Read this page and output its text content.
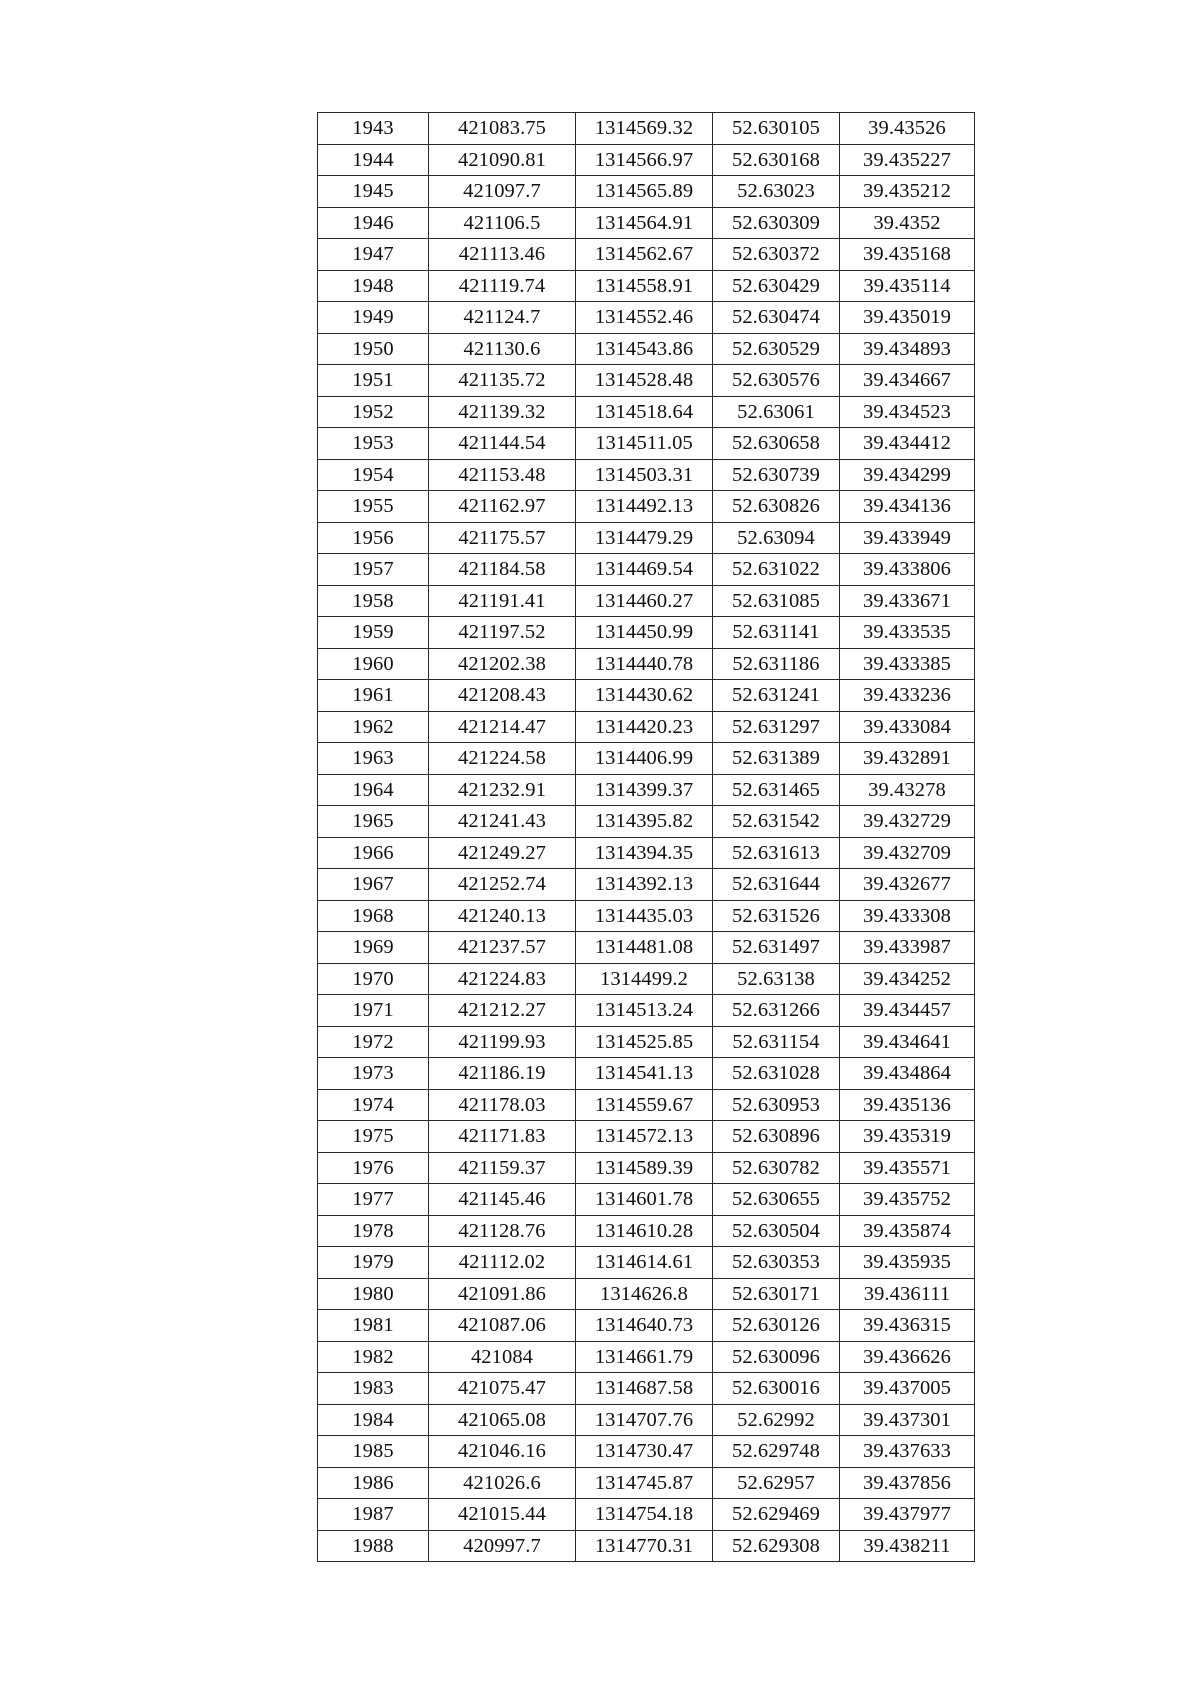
1943	421083.75	1314569.32	52.630105	39.43526
1944	421090.81	1314566.97	52.630168	39.435227
1945	421097.7	1314565.89	52.63023	39.435212
1946	421106.5	1314564.91	52.630309	39.4352
1947	421113.46	1314562.67	52.630372	39.435168
1948	421119.74	1314558.91	52.630429	39.435114
1949	421124.7	1314552.46	52.630474	39.435019
1950	421130.6	1314543.86	52.630529	39.434893
1951	421135.72	1314528.48	52.630576	39.434667
1952	421139.32	1314518.64	52.63061	39.434523
1953	421144.54	1314511.05	52.630658	39.434412
1954	421153.48	1314503.31	52.630739	39.434299
1955	421162.97	1314492.13	52.630826	39.434136
1956	421175.57	1314479.29	52.63094	39.433949
1957	421184.58	1314469.54	52.631022	39.433806
1958	421191.41	1314460.27	52.631085	39.433671
1959	421197.52	1314450.99	52.631141	39.433535
1960	421202.38	1314440.78	52.631186	39.433385
1961	421208.43	1314430.62	52.631241	39.433236
1962	421214.47	1314420.23	52.631297	39.433084
1963	421224.58	1314406.99	52.631389	39.432891
1964	421232.91	1314399.37	52.631465	39.43278
1965	421241.43	1314395.82	52.631542	39.432729
1966	421249.27	1314394.35	52.631613	39.432709
1967	421252.74	1314392.13	52.631644	39.432677
1968	421240.13	1314435.03	52.631526	39.433308
1969	421237.57	1314481.08	52.631497	39.433987
1970	421224.83	1314499.2	52.63138	39.434252
1971	421212.27	1314513.24	52.631266	39.434457
1972	421199.93	1314525.85	52.631154	39.434641
1973	421186.19	1314541.13	52.631028	39.434864
1974	421178.03	1314559.67	52.630953	39.435136
1975	421171.83	1314572.13	52.630896	39.435319
1976	421159.37	1314589.39	52.630782	39.435571
1977	421145.46	1314601.78	52.630655	39.435752
1978	421128.76	1314610.28	52.630504	39.435874
1979	421112.02	1314614.61	52.630353	39.435935
1980	421091.86	1314626.8	52.630171	39.436111
1981	421087.06	1314640.73	52.630126	39.436315
1982	421084	1314661.79	52.630096	39.436626
1983	421075.47	1314687.58	52.630016	39.437005
1984	421065.08	1314707.76	52.62992	39.437301
1985	421046.16	1314730.47	52.629748	39.437633
1986	421026.6	1314745.87	52.62957	39.437856
1987	421015.44	1314754.18	52.629469	39.437977
1988	420997.7	1314770.31	52.629308	39.438211
